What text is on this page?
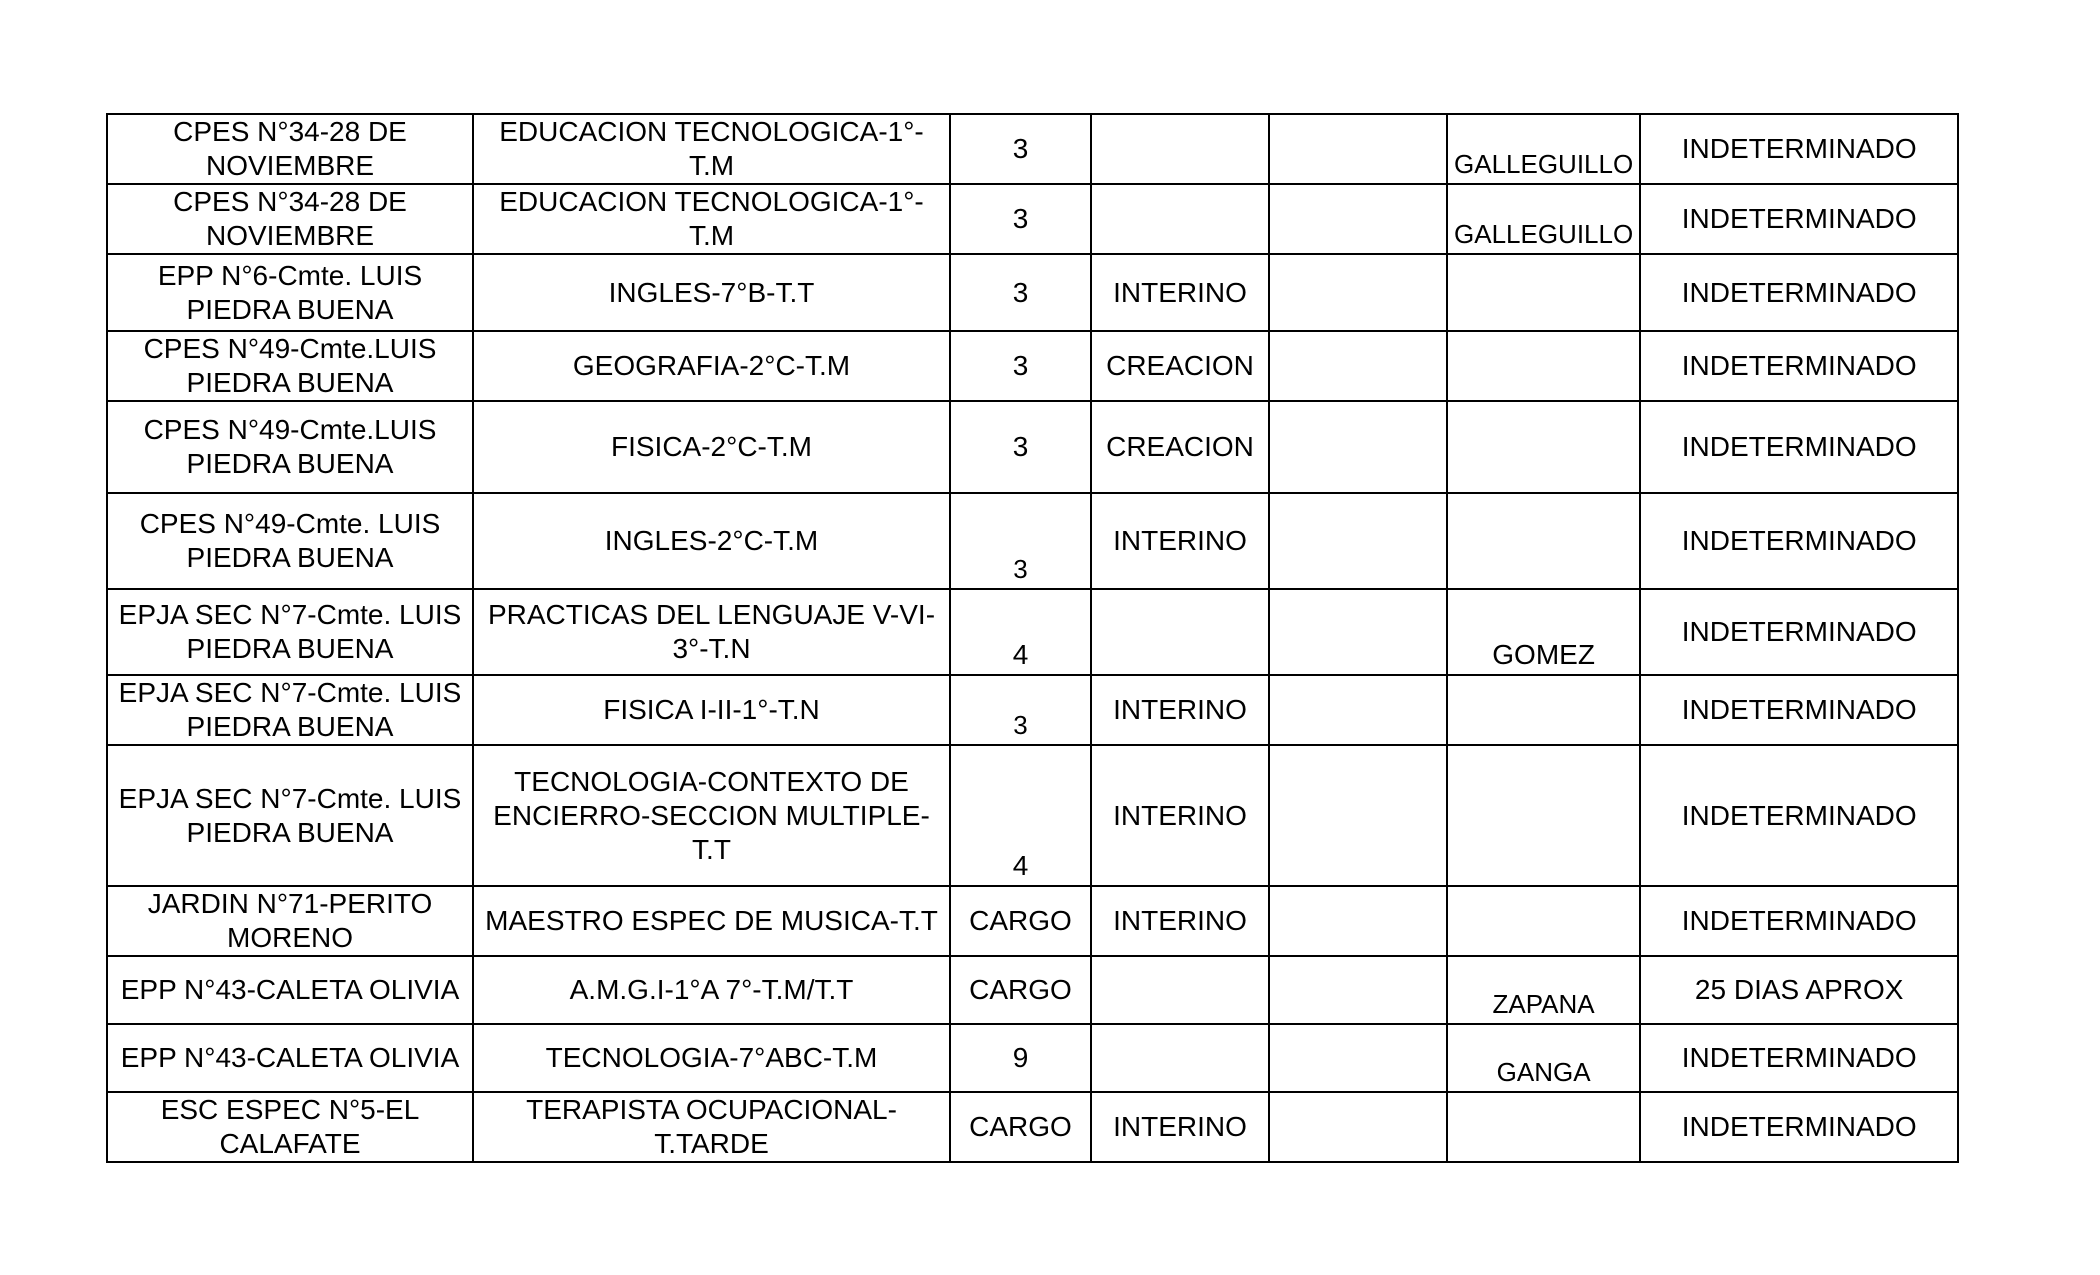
CPES N°34-28 DE NOVIEMBRE	EDUCACION TECNOLOGICA-1°-T.M	3			GALLEGUILLO	INDETERMINADO
CPES N°34-28 DE NOVIEMBRE	EDUCACION TECNOLOGICA-1°-T.M	3			GALLEGUILLO	INDETERMINADO
EPP N°6-Cmte. LUIS PIEDRA BUENA	INGLES-7°B-T.T	3	INTERINO			INDETERMINADO
CPES N°49-Cmte.LUIS PIEDRA BUENA	GEOGRAFIA-2°C-T.M	3	CREACION			INDETERMINADO
CPES N°49-Cmte.LUIS PIEDRA BUENA	FISICA-2°C-T.M	3	CREACION			INDETERMINADO
CPES N°49-Cmte. LUIS PIEDRA BUENA	INGLES-2°C-T.M	3	INTERINO			INDETERMINADO
EPJA SEC N°7-Cmte. LUIS PIEDRA BUENA	PRACTICAS DEL LENGUAJE V-VI-3°-T.N	4			GOMEZ	INDETERMINADO
EPJA SEC N°7-Cmte. LUIS PIEDRA BUENA	FISICA I-II-1°-T.N	3	INTERINO			INDETERMINADO
EPJA SEC N°7-Cmte. LUIS PIEDRA BUENA	TECNOLOGIA-CONTEXTO DE ENCIERRO-SECCION MULTIPLE-T.T	4	INTERINO			INDETERMINADO
JARDIN N°71-PERITO MORENO	MAESTRO ESPEC DE MUSICA-T.T	CARGO	INTERINO			INDETERMINADO
EPP N°43-CALETA OLIVIA	A.M.G.I-1°A 7°-T.M/T.T	CARGO			ZAPANA	25 DIAS APROX
EPP N°43-CALETA OLIVIA	TECNOLOGIA-7°ABC-T.M	9			GANGA	INDETERMINADO
ESC ESPEC N°5-EL CALAFATE	TERAPISTA OCUPACIONAL-T.TARDE	CARGO	INTERINO			INDETERMINADO
